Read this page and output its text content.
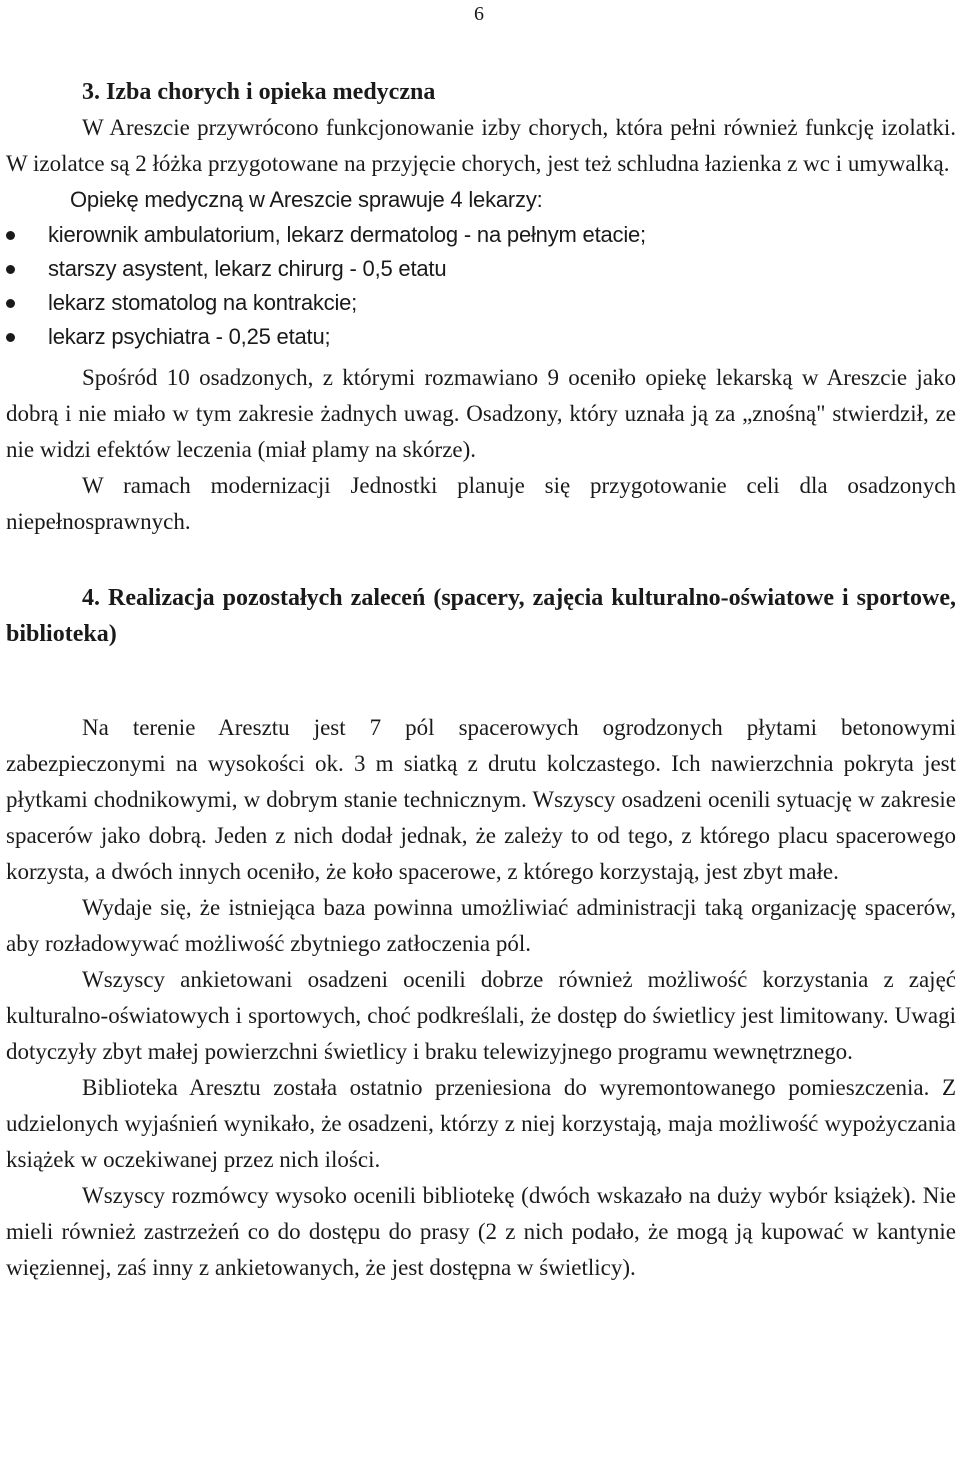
6
3. Izba chorych i opieka medyczna

W Areszcie przywrócono funkcjonowanie izby chorych, która pełni również funkcję izolatki. W izolatce są 2 łóżka przygotowane na przyjęcie chorych, jest też schludna łazienka z wc i umywalką.

Opiekę medyczną w Areszcie sprawuje 4 lekarzy:

kierownik ambulatorium, lekarz dermatolog - na pełnym etacie;
starszy asystent, lekarz chirurg - 0,5 etatu
lekarz stomatolog na kontrakcie;
lekarz psychiatra - 0,25 etatu;

Spośród 10 osadzonych, z którymi rozmawiano 9 oceniło opiekę lekarską w Areszcie jako dobrą i nie miało w tym zakresie żadnych uwag. Osadzony, który uznała ją za „znośną" stwierdził, ze nie widzi efektów leczenia (miał plamy na skórze).

W ramach modernizacji Jednostki planuje się przygotowanie celi dla osadzonych niepełnosprawnych.

4. Realizacja pozostałych zaleceń (spacery, zajęcia kulturalno-oświatowe i sportowe, biblioteka)

Na terenie Aresztu jest 7 pól spacerowych ogrodzonych płytami betonowymi zabezpieczonymi na wysokości ok. 3 m siatką z drutu kolczastego. Ich nawierzchnia pokryta jest płytkami chodnikowymi, w dobrym stanie technicznym. Wszyscy osadzeni ocenili sytuację w zakresie spacerów jako dobrą. Jeden z nich dodał jednak, że zależy to od tego, z którego placu spacerowego korzysta, a dwóch innych oceniło, że koło spacerowe, z którego korzystają, jest zbyt małe.

Wydaje się, że istniejąca baza powinna umożliwiać administracji taką organizację spacerów, aby rozładowywać możliwość zbytniego zatłoczenia pól.

Wszyscy ankietowani osadzeni ocenili dobrze również możliwość korzystania z zajęć kulturalno-oświatowych i sportowych, choć podkreślali, że dostęp do świetlicy jest limitowany. Uwagi dotyczyły zbyt małej powierzchni świetlicy i braku telewizyjnego programu wewnętrznego.

Biblioteka Aresztu została ostatnio przeniesiona do wyremontowanego pomieszczenia. Z udzielonych wyjaśnień wynikało, że osadzeni, którzy z niej korzystają, maja możliwość wypożyczania książek w oczekiwanej przez nich ilości.

Wszyscy rozmówcy wysoko ocenili bibliotekę (dwóch wskazało na duży wybór książek). Nie mieli również zastrzeżeń co do dostępu do prasy (2 z nich podało, że mogą ją kupować w kantynie więziennej, zaś inny z ankietowanych, że jest dostępna w świetlicy).
